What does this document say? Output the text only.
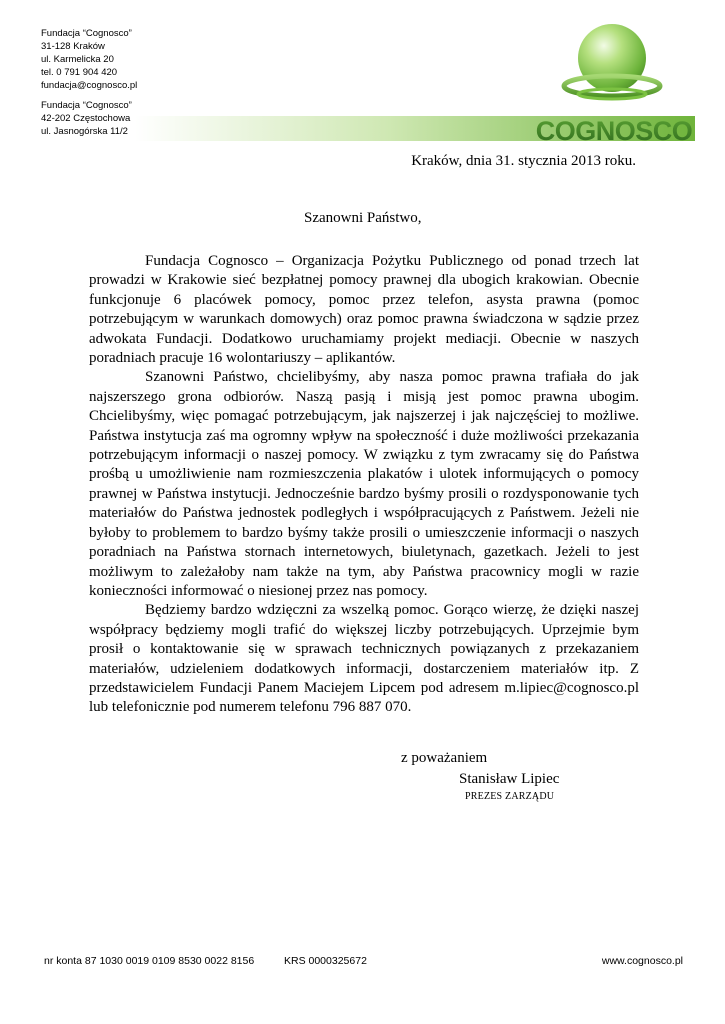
Fundacja “Cognosco”
31-128 Kraków
ul. Karmelicka 20
tel. 0 791 904 420
fundacja@cognosco.pl
Fundacja “Cognosco”
42-202 Częstochowa
ul. Jasnogórska 11/2	COGNOSCO
Kraków, dnia 31. stycznia 2013 roku.
Szanowni Państwo,

Fundacja Cognosco – Organizacja Pożytku Publicznego od ponad trzech lat prowadzi w Krakowie sieć bezpłatnej pomocy prawnej dla ubogich krakowian. Obecnie funkcjonuje 6 placówek pomocy, pomoc przez telefon, asysta prawna (pomoc potrzebującym w warunkach domowych) oraz pomoc prawna świadczona w sądzie przez adwokata Fundacji. Dodatkowo uruchamiamy projekt mediacji. Obecnie w naszych poradniach pracuje 16 wolontariuszy – aplikantów.

Szanowni Państwo, chcielibyśmy, aby nasza pomoc prawna trafiała do jak najszerszego grona odbiorów. Naszą pasją i misją jest pomoc prawna ubogim. Chcielibyśmy, więc pomagać potrzebującym, jak najszerzej i jak najczęściej to możliwe. Państwa instytucja zaś ma ogromny wpływ na społeczność i duże możliwości przekazania potrzebującym informacji o naszej pomocy. W związku z tym zwracamy się do Państwa prośbą u umożliwienie nam rozmieszczenia plakatów i ulotek informujących o pomocy prawnej w Państwa instytucji. Jednocześnie bardzo byśmy prosili o rozdysponowanie tych materiałów do Państwa jednostek podległych i współpracujących z Państwem. Jeżeli nie byłoby to problemem to bardzo byśmy także prosili o umieszczenie informacji o naszych poradniach na Państwa stornach internetowych, biuletynach, gazetkach. Jeżeli to jest możliwym to zależałoby nam także na tym, aby Państwa pracownicy mogli w razie konieczności informować o niesionej przez nas pomocy.

Będziemy bardzo wdzięczni za wszelką pomoc. Gorąco wierzę, że dzięki naszej współpracy będziemy mogli trafić do większej liczby potrzebujących. Uprzejmie bym prosił o kontaktowanie się w sprawach technicznych powiązanych z przekazaniem materiałów, udzieleniem dodatkowych informacji, dostarczeniem materiałów itp. Z przedstawicielem Fundacji Panem Maciejem Lipcem pod adresem m.lipiec@cognosco.pl lub telefonicznie pod numerem telefonu 796 887 070.

z poważaniem
Stanisław Lipiec
PREZES ZARZĄDU
nr konta 87 1030 0019 0109 8530 0022 8156	KRS 0000325672	www.cognosco.pl
